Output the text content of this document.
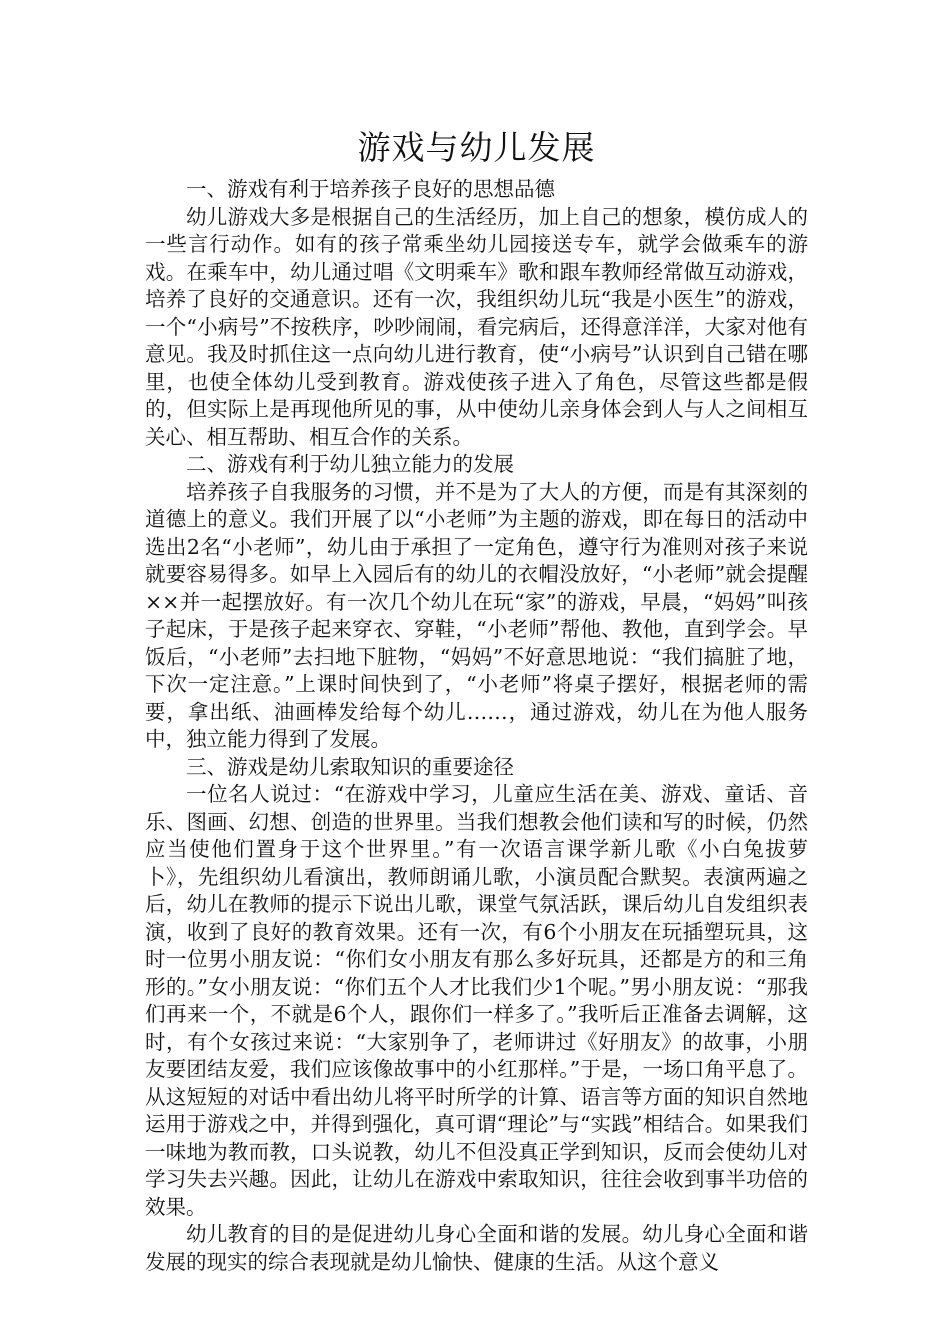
游戏与幼儿发展

一、游戏有利于培养孩子良好的思想品德

幼儿游戏大多是根据自己的生活经历，加上自己的想象，模仿成人的一些言行动作。如有的孩子常乘坐幼儿园接送专车，就学会做乘车的游戏。在乘车中，幼儿通过唱《文明乘车》歌和跟车教师经常做互动游戏，培养了良好的交通意识。还有一次，我组织幼儿玩“我是小医生”的游戏，一个“小病号”不按秩序，吵吵闹闹，看完病后，还得意洋洋，大家对他有意见。我及时抓住这一点向幼儿进行教育，使“小病号”认识到自己错在哪里，也使全体幼儿受到教育。游戏使孩子进入了角色，尽管这些都是假的，但实际上是再现他所见的事，从中使幼儿亲身体会到人与人之间相互关心、相互帮助、相互合作的关系。

二、游戏有利于幼儿独立能力的发展

培养孩子自我服务的习惯，并不是为了大人的方便，而是有其深刻的道德上的意义。我们开展了以“小老师”为主题的游戏，即在每日的活动中选出2名“小老师”，幼儿由于承担了一定角色，遵守行为准则对孩子来说就要容易得多。如早上入园后有的幼儿的衣帽没放好，“小老师”就会提醒××并一起摆放好。有一次几个幼儿在玩“家”的游戏，早晨，“妈妈”叫孩子起床，于是孩子起来穿衣、穿鞋，“小老师”帮他、教他，直到学会。早饭后，“小老师”去扫地下脏物，“妈妈”不好意思地说：“我们搞脏了地，下次一定注意。”上课时间快到了，“小老师”将桌子摆好，根据老师的需要，拿出纸、油画棒发给每个幼儿……，通过游戏，幼儿在为他人服务中，独立能力得到了发展。

三、游戏是幼儿索取知识的重要途径

一位名人说过：“在游戏中学习，儿童应生活在美、游戏、童话、音乐、图画、幻想、创造的世界里。当我们想教会他们读和写的时候，仍然应当使他们置身于这个世界里。”有一次语言课学新儿歌《小白兔拔萝卜》，先组织幼儿看演出，教师朗诵儿歌，小演员配合默契。表演两遍之后，幼儿在教师的提示下说出儿歌，课堂气氛活跃，课后幼儿自发组织表演，收到了良好的教育效果。还有一次，有6个小朋友在玩插塑玩具，这时一位男小朋友说：“你们女小朋友有那么多好玩具，还都是方的和三角形的。”女小朋友说：“你们五个人才比我们少1个呢。”男小朋友说：“那我们再来一个，不就是6个人，跟你们一样多了。”我听后正准备去调解，这时，有个女孩过来说：“大家别争了，老师讲过《好朋友》的故事，小朋友要团结友爱，我们应该像故事中的小红那样。”于是，一场口角平息了。从这短短的对话中看出幼儿将平时所学的计算、语言等方面的知识自然地运用于游戏之中，并得到强化，真可谓“理论”与“实践”相结合。如果我们一味地为教而教，口头说教，幼儿不但没真正学到知识，反而会使幼儿对学习失去兴趣。因此，让幼儿在游戏中索取知识，往往会收到事半功倍的效果。

幼儿教育的目的是促进幼儿身心全面和谐的发展。幼儿身心全面和谐发展的现实的综合表现就是幼儿愉快、健康的生活。从这个意义
